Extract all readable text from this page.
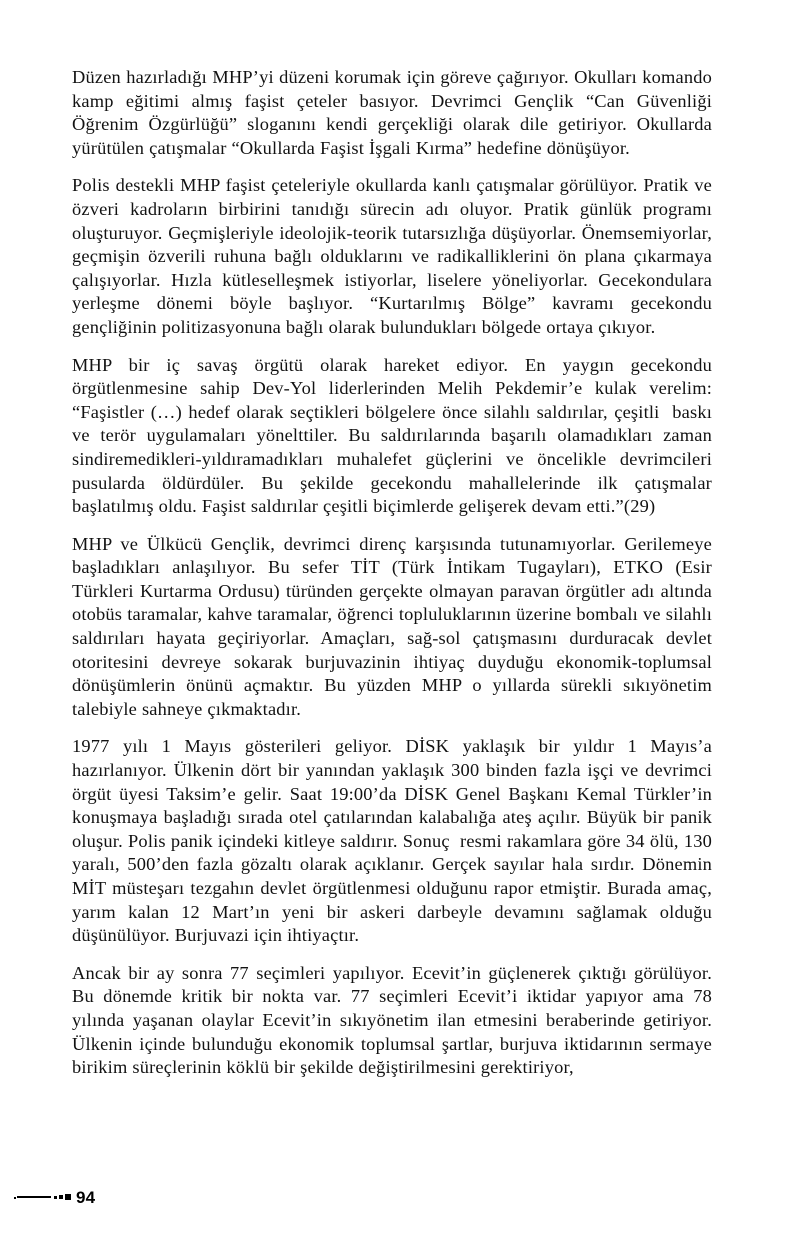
Düzen hazırladığı MHP’yi düzeni korumak için göreve çağırıyor. Okulları komando kamp eğitimi almış faşist çeteler basıyor. Devrimci Gençlik “Can Güvenliği Öğrenim Özgürlüğü” sloganını kendi gerçekliği olarak dile getiriyor. Okullarda yürütülen çatışmalar “Okullarda Faşist İşgali Kırma” hedefine dönüşüyor.

Polis destekli MHP faşist çeteleriyle okullarda kanlı çatışmalar görülüyor. Pratik ve özveri kadroların birbirini tanıdığı sürecin adı oluyor. Pratik günlük programı oluşturuyor. Geçmişleriyle ideolojik-teorik tutarsızlığa düşüyorlar. Önemsemiyorlar, geçmişin özverili ruhuna bağlı olduklarını ve radikalliklerini ön plana çıkarmaya çalışıyorlar. Hızla kütleselleşmek istiyorlar, liselere yöneliyorlar. Gecekondulara yerleşme dönemi böyle başlıyor. “Kurtarılmış Bölge” kavramı gecekondu gençliğinin politizasyonuna bağlı olarak bulundukları bölgede ortaya çıkıyor.

MHP bir iç savaş örgütü olarak hareket ediyor. En yaygın gecekondu örgütlenmesine sahip Dev-Yol liderlerinden Melih Pekdemir’e kulak verelim: “Faşistler (…) hedef olarak seçtikleri bölgelere önce silahlı saldırılar, çeşitli  baskı ve terör uygulamaları yönelttiler. Bu saldırılarında başarılı olamadıkları zaman sindiremedikleri-yıldıramadıkları muhalefet güçlerini ve öncelikle devrimcileri pusularda öldürdüler. Bu şekilde gecekondu mahallelerinde ilk çatışmalar başlatılmış oldu. Faşist saldırılar çeşitli biçimlerde gelişerek devam etti.”(29)

MHP ve Ülkücü Gençlik, devrimci direnç karşısında tutunamıyorlar. Gerilemeye başladıkları anlaşılıyor. Bu sefer TİT (Türk İntikam Tugayları), ETKO (Esir Türkleri Kurtarma Ordusu) türünden gerçekte olmayan paravan örgütler adı altında otobüs taramalar, kahve taramalar, öğrenci topluluklarının üzerine bombalı ve silahlı saldırıları hayata geçiriyorlar. Amaçları, sağ-sol çatışmasını durduracak devlet otoritesini devreye sokarak burjuvazinin ihtiyaç duyduğu ekonomik-toplumsal dönüşümlerin önünü açmaktır. Bu yüzden MHP o yıllarda sürekli sıkıyönetim talebiyle sahneye çıkmaktadır.

1977 yılı 1 Mayıs gösterileri geliyor. DİSK yaklaşık bir yıldır 1 Mayıs’a hazırlanıyor. Ülkenin dört bir yanından yaklaşık 300 binden fazla işçi ve devrimci örgüt üyesi Taksim’e gelir. Saat 19:00’da DİSK Genel Başkanı Kemal Türkler’in konuşmaya başladığı sırada otel çatılarından kalabalığa ateş açılır. Büyük bir panik oluşur. Polis panik içindeki kitleye saldırır. Sonuç  resmi rakamlara göre 34 ölü, 130 yaralı, 500’den fazla gözaltı olarak açıklanır. Gerçek sayılar hala sırdır. Dönemin MİT müsteşarı tezgahın devlet örgütlenmesi olduğunu rapor etmiştir. Burada amaç, yarım kalan 12 Mart’ın yeni bir askeri darbeyle devamını sağlamak olduğu düşünülüyor. Burjuvazi için ihtiyaçtır.

Ancak bir ay sonra 77 seçimleri yapılıyor. Ecevit’in güçlenerek çıktığı görülüyor. Bu dönemde kritik bir nokta var. 77 seçimleri Ecevit’i iktidar yapıyor ama 78 yılında yaşanan olaylar Ecevit’in sıkıyönetim ilan etmesini beraberinde getiriyor. Ülkenin içinde bulunduğu ekonomik toplumsal şartlar, burjuva iktidarının sermaye birikim süreçlerinin köklü bir şekilde değiştirilmesini gerektiriyor,

94
